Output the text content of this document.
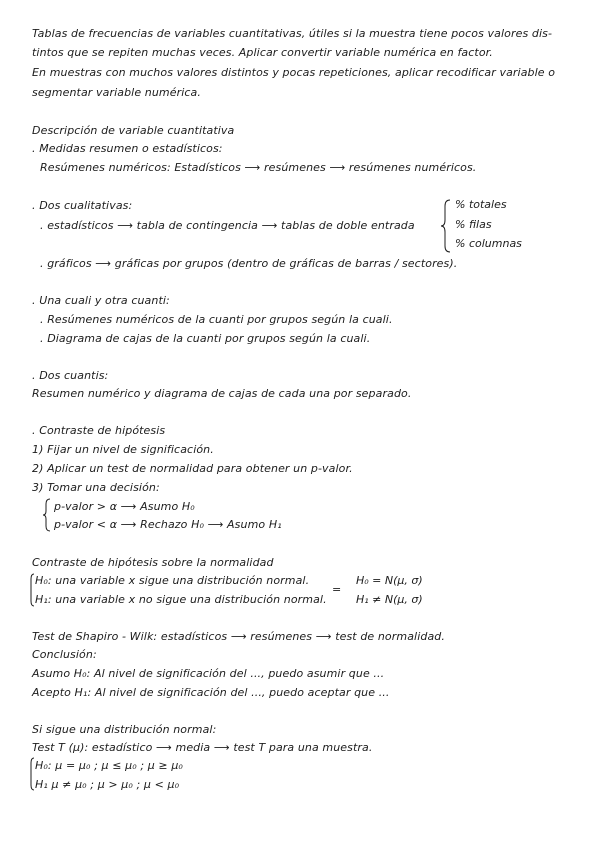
Tablas de frecuencias de variables cuantitativas, útiles si la muestra tiene pocos valores dis-
tintos que se repiten muchas veces. Aplicar convertir variable numérica en factor.
En muestras con muchos valores distintos y pocas repeticiones, aplicar recodificar variable o
segmentar variable numérica.
Descripción de variable cuantitativa
. Medidas resumen o estadísticos:
Resúmenes numéricos: Estadísticos ⟶ resúmenes ⟶ resúmenes numéricos.
. Dos cualitativas:
. estadísticos ⟶ tabla de contingencia ⟶ tablas de doble entrada
% totales
% filas
% columnas
. gráficos ⟶ gráficas por grupos (dentro de gráficas de barras / sectores).
. Una cuali y otra cuanti:
. Resúmenes numéricos de la cuanti por grupos según la cuali.
. Diagrama de cajas de la cuanti por grupos según la cuali.
. Dos cuantis:
Resumen numérico y diagrama de cajas de cada una por separado.
. Contraste de hipótesis
1) Fijar un nivel de significación.
2) Aplicar un test de normalidad para obtener un p-valor.
3) Tomar una decisión:
p-valor > α ⟶ Asumo H₀
p-valor < α ⟶ Rechazo H₀ ⟶ Asumo H₁
Contraste de hipótesis sobre la normalidad
H₀: una variable x sigue una distribución normal.
H₁: una variable x no sigue una distribución normal.
=
H₀ = N(μ, σ)
H₁ ≠ N(μ, σ)
Test de Shapiro - Wilk: estadísticos ⟶ resúmenes ⟶ test de normalidad.
Conclusión:
Asumo H₀: Al nivel de significación del ..., puedo asumir que ...
Acepto H₁: Al nivel de significación del ..., puedo aceptar que ...
Si sigue una distribución normal:
Test T (μ): estadístico ⟶ media ⟶ test T para una muestra.
H₀: μ = μ₀ ; μ ≤ μ₀ ; μ ≥ μ₀
H₁ μ ≠ μ₀ ; μ > μ₀ ; μ < μ₀
